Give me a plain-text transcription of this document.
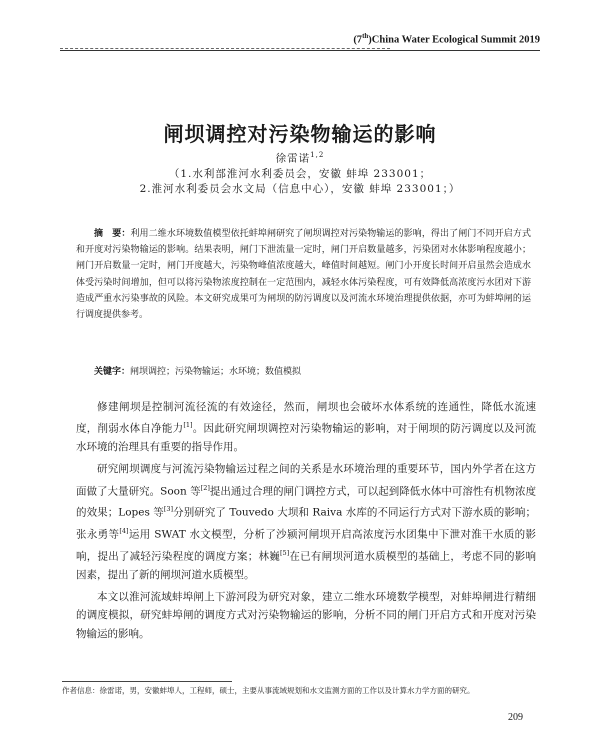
(7th)China Water Ecological Summit 2019
闸坝调控对污染物输运的影响
徐雷诺$^{1,2}$
（1.水利部淮河水利委员会，安徽 蚌埠 233001；
2.淮河水利委员会水文局（信息中心），安徽 蚌埠 233001；）
摘　要：利用二维水环境数值模型依托蚌埠闸研究了闸坝调控对污染物输运的影响，得出了闸门不同开启方式和开度对污染物输运的影响。结果表明，闸门下泄流量一定时，闸门开启数量越多，污染团对水体影响程度越小；闸门开启数量一定时，闸门开度越大，污染物峰值浓度越大，峰值时间越短。闸门小开度长时间开启虽然会造成水体受污染时间增加，但可以将污染物浓度控制在一定范围内，减轻水体污染程度，可有效降低高浓度污水团对下游造成严重水污染事故的风险。本文研究成果可为闸坝的防污调度以及河流水环境治理提供依据，亦可为蚌埠闸的运行调度提供参考。
关键字：闸坝调控；污染物输运；水环境；数值模拟

修建闸坝是控制河流径流的有效途径，然而，闸坝也会破坏水体系统的连通性，降低水流速度，削弱水体自净能力[1]。因此研究闸坝调控对污染物输运的影响，对于闸坝的防污调度以及河流水环境的治理具有重要的指导作用。

研究闸坝调度与河流污染物输运过程之间的关系是水环境治理的重要环节，国内外学者在这方面做了大量研究。Soon 等[2]提出通过合理的闸门调控方式，可以起到降低水体中可溶性有机物浓度的效果；Lopes 等[3]分别研究了 Touvedo 大坝和 Raiva 水库的不同运行方式对下游水质的影响；张永勇等[4]运用 SWAT 水文模型，分析了沙颍河闸坝开启高浓度污水团集中下泄对淮干水质的影响，提出了减轻污染程度的调度方案；林巍[5]在已有闸坝河道水质模型的基础上，考虑不同的影响因素，提出了新的闸坝河道水质模型。

本文以淮河流域蚌埠闸上下游河段为研究对象，建立二维水环境数学模型，对蚌埠闸进行精细的调度模拟，研究蚌埠闸的调度方式对污染物输运的影响，分析不同的闸门开启方式和开度对污染物输运的影响。

作者信息：徐雷诺，男，安徽蚌埠人，工程师，硕士，主要从事流域规划和水文监测方面的工作以及计算水力学方面的研究。
209
